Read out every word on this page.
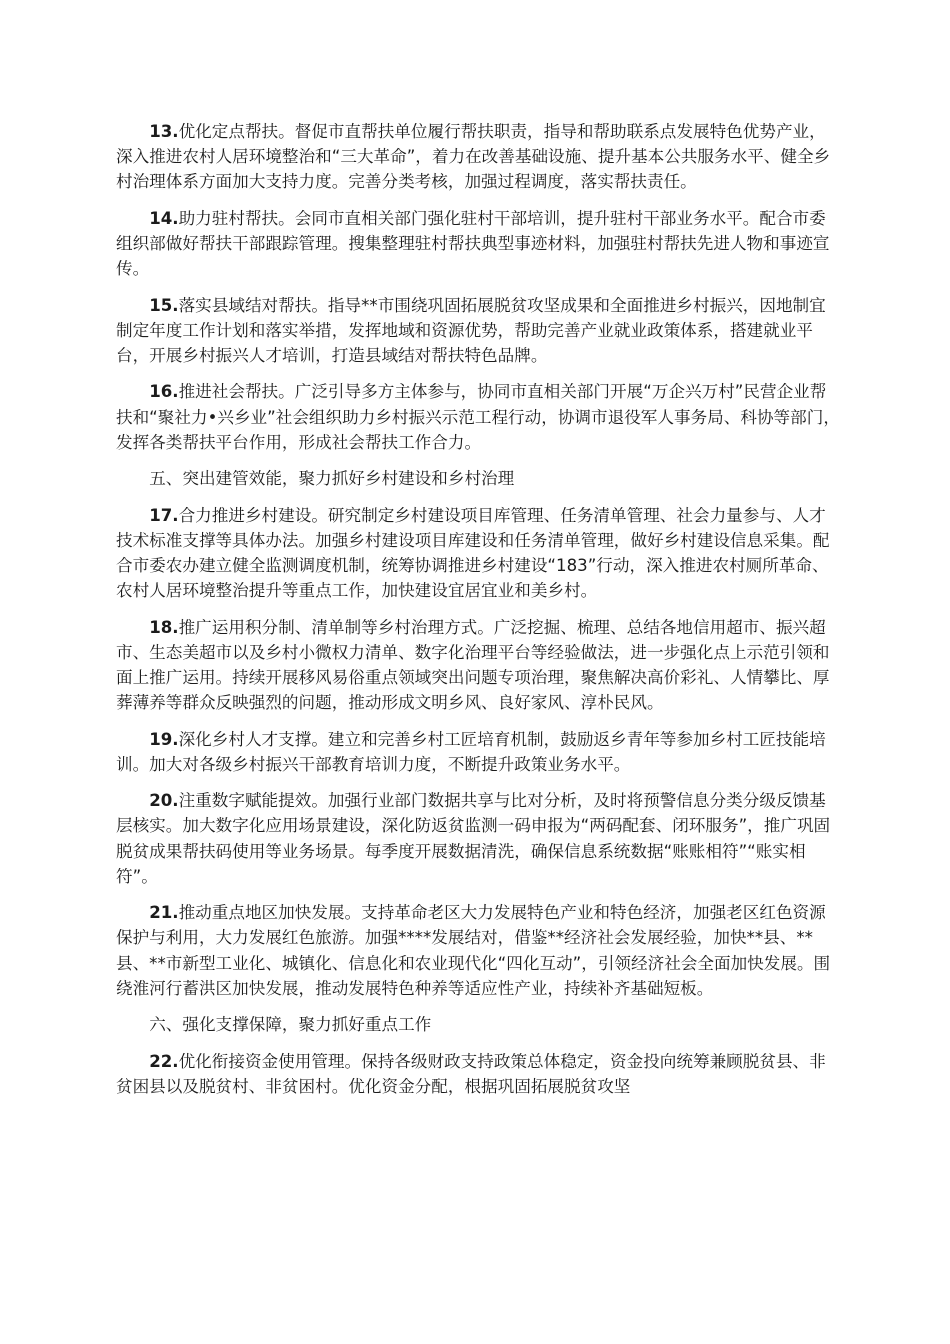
13.优化定点帮扶。督促市直帮扶单位履行帮扶职责，指导和帮助联系点发展特色优势产业，深入推进农村人居环境整治和“三大革命”，着力在改善基础设施、提升基本公共服务水平、健全乡村治理体系方面加大支持力度。完善分类考核，加强过程调度，落实帮扶责任。

14.助力驻村帮扶。会同市直相关部门强化驻村干部培训，提升驻村干部业务水平。配合市委组织部做好帮扶干部跟踪管理。搜集整理驻村帮扶典型事迹材料，加强驻村帮扶先进人物和事迹宣传。

15.落实县域结对帮扶。指导**市围绕巩固拓展脱贫攻坚成果和全面推进乡村振兴，因地制宜制定年度工作计划和落实举措，发挥地域和资源优势，帮助完善产业就业政策体系，搭建就业平台，开展乡村振兴人才培训，打造县域结对帮扶特色品牌。

16.推进社会帮扶。广泛引导多方主体参与，协同市直相关部门开展“万企兴万村”民营企业帮扶和“聚社力•兴乡业”社会组织助力乡村振兴示范工程行动，协调市退役军人事务局、科协等部门，发挥各类帮扶平台作用，形成社会帮扶工作合力。

五、突出建管效能，聚力抓好乡村建设和乡村治理

17.合力推进乡村建设。研究制定乡村建设项目库管理、任务清单管理、社会力量参与、人才技术标准支撑等具体办法。加强乡村建设项目库建设和任务清单管理，做好乡村建设信息采集。配合市委农办建立健全监测调度机制，统筹协调推进乡村建设“183”行动，深入推进农村厕所革命、农村人居环境整治提升等重点工作，加快建设宜居宜业和美乡村。

18.推广运用积分制、清单制等乡村治理方式。广泛挖掘、梳理、总结各地信用超市、振兴超市、生态美超市以及乡村小微权力清单、数字化治理平台等经验做法，进一步强化点上示范引领和面上推广运用。持续开展移风易俗重点领域突出问题专项治理，聚焦解决高价彩礼、人情攀比、厚葬薄养等群众反映强烈的问题，推动形成文明乡风、良好家风、淳朴民风。

19.深化乡村人才支撑。建立和完善乡村工匠培育机制，鼓励返乡青年等参加乡村工匠技能培训。加大对各级乡村振兴干部教育培训力度，不断提升政策业务水平。

20.注重数字赋能提效。加强行业部门数据共享与比对分析，及时将预警信息分类分级反馈基层核实。加大数字化应用场景建设，深化防返贫监测一码申报为“两码配套、闭环服务”，推广巩固脱贫成果帮扶码使用等业务场景。每季度开展数据清洗，确保信息系统数据“账账相符”“账实相符”。

21.推动重点地区加快发展。支持革命老区大力发展特色产业和特色经济，加强老区红色资源保护与利用，大力发展红色旅游。加强****发展结对，借鉴**经济社会发展经验，加快**县、**县、**市新型工业化、城镇化、信息化和农业现代化“四化互动”，引领经济社会全面加快发展。围绕淮河行蓄洪区加快发展，推动发展特色种养等适应性产业，持续补齐基础短板。

六、强化支撑保障，聚力抓好重点工作

22.优化衔接资金使用管理。保持各级财政支持政策总体稳定，资金投向统筹兼顾脱贫县、非贫困县以及脱贫村、非贫困村。优化资金分配，根据巩固拓展脱贫攻坚
